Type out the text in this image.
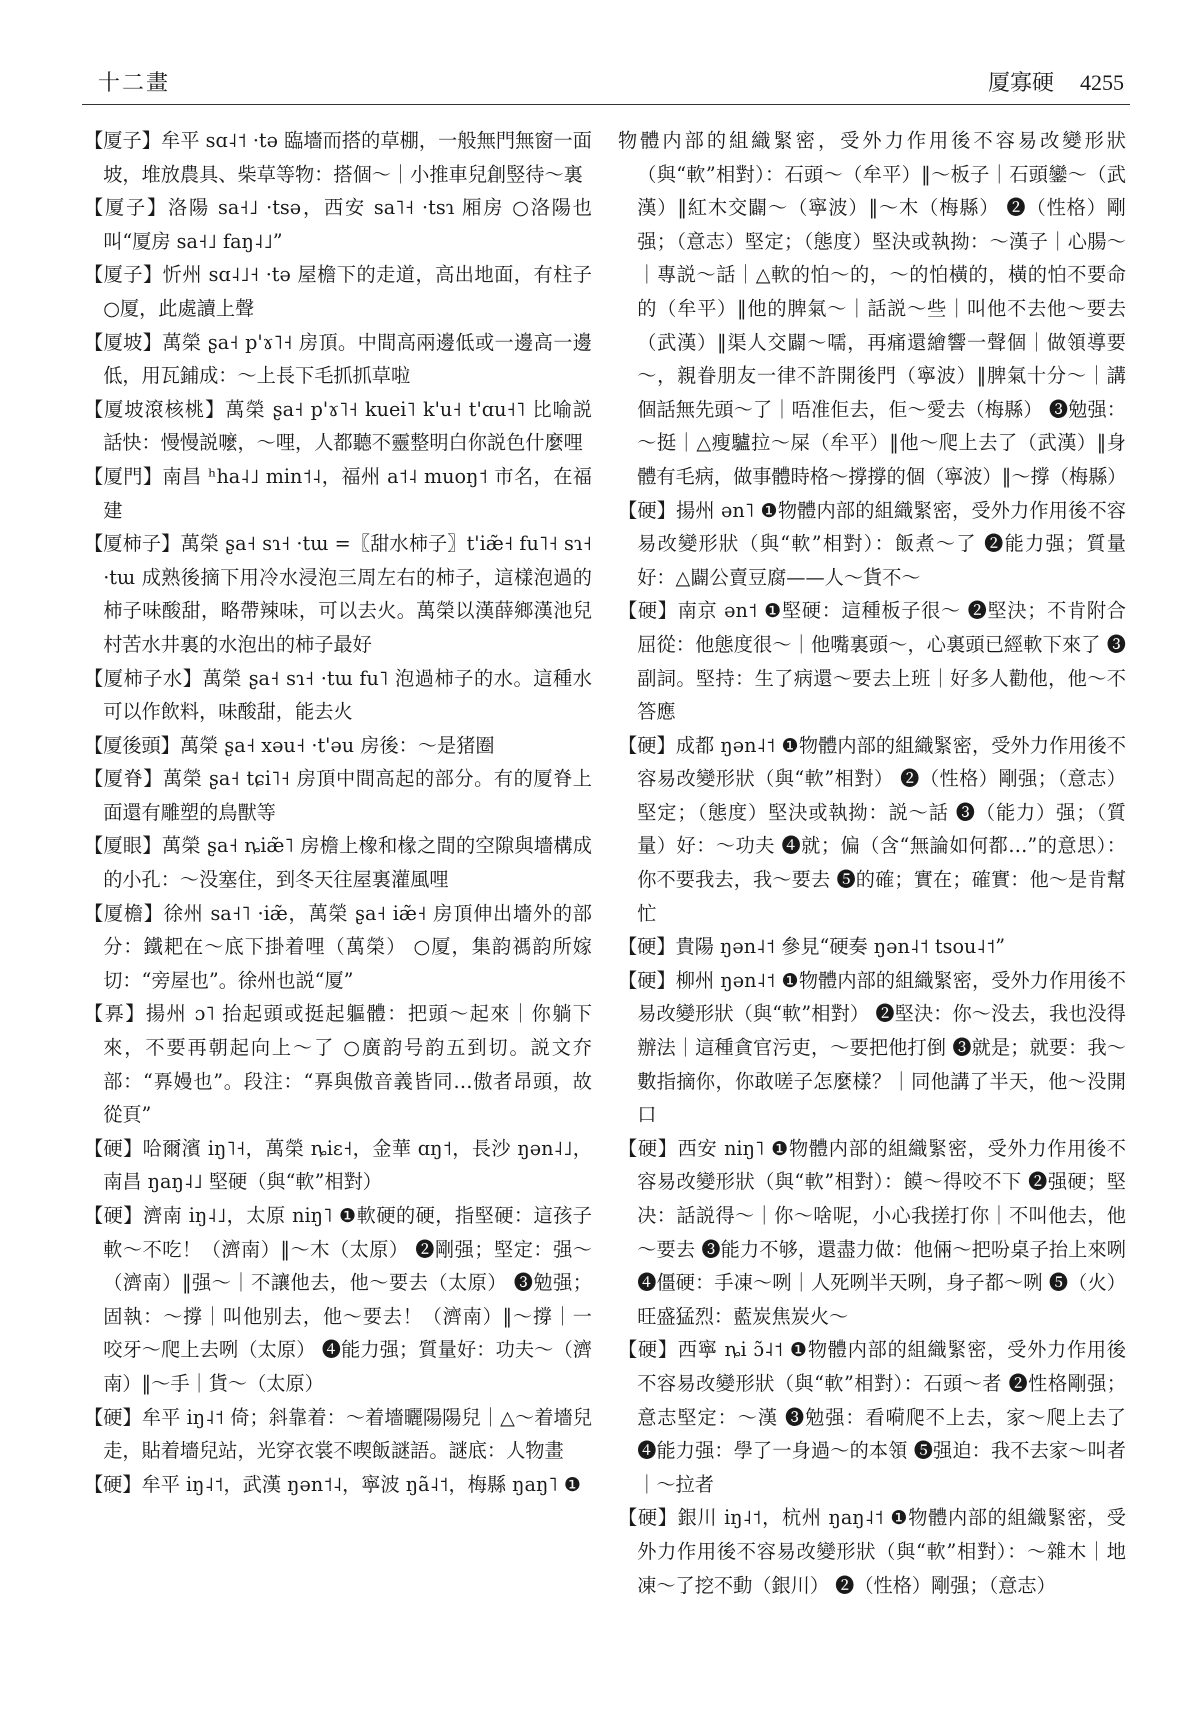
十二畫	厦寡硬 4255

【厦子】牟平 sɑ˨˦ ·tə 臨墻而搭的草棚，一般無門無窗一面坡，堆放農具、柴草等物：搭個～｜小推車兒創竪待～裏

【厦子】洛陽 sa˧˩ ·tsə，西安 sa˥˧ ·tsɿ 厢房 ○洛陽也叫“厦房 sa˧˩ faŋ˨˩”

【厦子】忻州 sɑ˨˩˧ ·tə 屋檐下的走道，高出地面，有柱子 ○厦，此處讀上聲

【厦坡】萬榮 ʂa˧ p'ɤ˥˧ 房頂。中間高兩邊低或一邊高一邊低，用瓦鋪成：～上長下毛抓抓草啦

【厦坡滾核桃】萬榮 ʂa˧ p'ɤ˥˧ kuei˥ k'u˧ t'ɑu˧˥ 比喻説話快：慢慢説嚒，～哩，人都聽不靈整明白你説色什麼哩

【厦門】南昌 ʰha˨˩ min˦˨，福州 a˦˨ muoŋ˦ 市名，在福建

【厦柿子】萬榮 ʂa˧ sɿ˧ ·tɯ =〖甜水柿子〗t'iæ̃˧ fu˥˧ sɿ˧ ·tɯ 成熟後摘下用冷水浸泡三周左右的柿子，這樣泡過的柿子味酸甜，略帶辣味，可以去火。萬榮以漢薛鄉漢池兒村苦水井裏的水泡出的柿子最好

【厦柿子水】萬榮 ʂa˧ sɿ˧ ·tɯ fu˥ 泡過柿子的水。這種水可以作飲料，味酸甜，能去火

【厦後頭】萬榮 ʂa˧ xəu˧ ·t'əu 房後：～是猪圈

【厦脊】萬榮 ʂa˧ tɕi˥˧ 房頂中間高起的部分。有的厦脊上面還有雕塑的鳥獸等

【厦眼】萬榮 ʂa˧ ȵiæ̃˥ 房檐上橡和椽之間的空隙與墻構成的小孔：～没塞住，到冬天往屋裏灌風哩

【厦檐】徐州 sa˧˥ ·iæ̃，萬榮 ʂa˧ iæ̃˧ 房頂伸出墻外的部分：鐵耙在～底下掛着哩（萬榮） ○厦，集韵禡韵所嫁切：“旁屋也”。徐州也説“厦”

【奡】揚州 ɔ˥ 抬起頭或挺起軀體：把頭～起來｜你躺下來，不要再朝起向上～了 ○廣韵号韵五到切。説文夰部：“奡嫚也”。段注：“奡與傲音義皆同…傲者昂頭，故從頁”

【硬】哈爾濱 iŋ˥˧，萬榮 ȵiɛ˧，金華 ɑŋ˦，長沙 ŋən˨˩，南昌 ŋaŋ˨˩ 堅硬（與“軟”相對）

【硬】濟南 iŋ˨˩，太原 niŋ˥ ❶軟硬的硬，指堅硬：這孩子軟～不吃！（濟南）‖～木（太原） ❷剛强；堅定：强～（濟南）‖强～｜不讓他去，他～要去（太原） ❸勉强；固執：～撐｜叫他别去，他～要去！（濟南）‖～撐｜一咬牙～爬上去咧（太原） ❹能力强；質量好：功夫～（濟南）‖～手｜貨～（太原）

【硬】牟平 iŋ˨˦ 倚；斜靠着：～着墻曬陽陽兒｜△～着墻兒走，貼着墻兒站，光穿衣裳不喫飯謎語。謎底：人物畫

【硬】牟平 iŋ˨˦，武漢 ŋən˦˨，寧波 ŋã˨˦，梅縣 ŋaŋ˥ ❶

物體内部的組織緊密，受外力作用後不容易改變形狀（與“軟”相對）：石頭～（牟平）‖～板子｜石頭鑾～（武漢）‖紅木交闢～（寧波）‖～木（梅縣） ❷（性格）剛强；（意志）堅定；（態度）堅決或執拗：～漢子｜心腸～｜專説～話｜△軟的怕～的，～的怕橫的，橫的怕不要命的（牟平）‖他的脾氣～｜話説～些｜叫他不去他～要去（武漢）‖渠人交闢～嚅，再痛還繪響一聲個｜做領導要～，親眷朋友一律不許開後門（寧波）‖脾氣十分～｜講個話無先頭～了｜唔准佢去，佢～愛去（梅縣） ❸勉强：～挺｜△瘦驢拉～屎（牟平）‖他～爬上去了（武漢）‖身體有毛病，做事體時格～撐撐的個（寧波）‖～撐（梅縣）

【硬】揚州 ən˥ ❶物體内部的組織緊密，受外力作用後不容易改變形狀（與“軟”相對）：飯煮～了 ❷能力强；質量好：△闢公賣豆腐——人～貨不～

【硬】南京 ən˦ ❶堅硬：這種板子很～ ❷堅決；不肯附合屈從：他態度很～｜他嘴裏頭～，心裏頭已經軟下來了 ❸副詞。堅持：生了病還～要去上班｜好多人勸他，他～不答應

【硬】成都 ŋən˨˦ ❶物體内部的組織緊密，受外力作用後不容易改變形狀（與“軟”相對） ❷（性格）剛强；（意志）堅定；（態度）堅決或執拗：説～話 ❸（能力）强；（質量）好：～功夫 ❹就；偏（含“無論如何都…”的意思）：你不要我去，我～要去 ❺的確；實在；確實：他～是肯幫忙

【硬】貴陽 ŋən˨˦ 參見“硬奏 ŋən˨˦ tsou˨˦”

【硬】柳州 ŋən˨˦ ❶物體内部的組織緊密，受外力作用後不易改變形狀（與“軟”相對） ❷堅決：你～没去，我也没得辦法｜這種貪官污吏，～要把他打倒 ❸就是；就要：我～數指摘你，你敢嗟子怎麼樣？｜同他講了半天，他～没開口

【硬】西安 niŋ˥ ❶物體内部的組織緊密，受外力作用後不容易改變形狀（與“軟”相對）：饃～得咬不下 ❷强硬；堅决：話説得～｜你～啥呢，小心我搓打你｜不叫他去，他～要去 ❸能力不够，還盡力做：他倆～把吩桌子抬上來咧 ❹僵硬：手凍～咧｜人死咧半天咧，身子都～咧 ❺（火）旺盛猛烈：藍炭焦炭火～

【硬】西寧 ȵi ɔ̃˨˦ ❶物體内部的組織緊密，受外力作用後不容易改變形狀（與“軟”相對）：石頭～者 ❷性格剛强；意志堅定：～漢 ❸勉强：看嗬爬不上去，家～爬上去了 ❹能力强：學了一身過～的本領 ❺强迫：我不去家～叫者｜～拉者

【硬】銀川 iŋ˨˦，杭州 ŋaŋ˨˦ ❶物體内部的組織緊密，受外力作用後不容易改變形狀（與“軟”相對）：～雜木｜地凍～了挖不動（銀川） ❷（性格）剛强；（意志）
